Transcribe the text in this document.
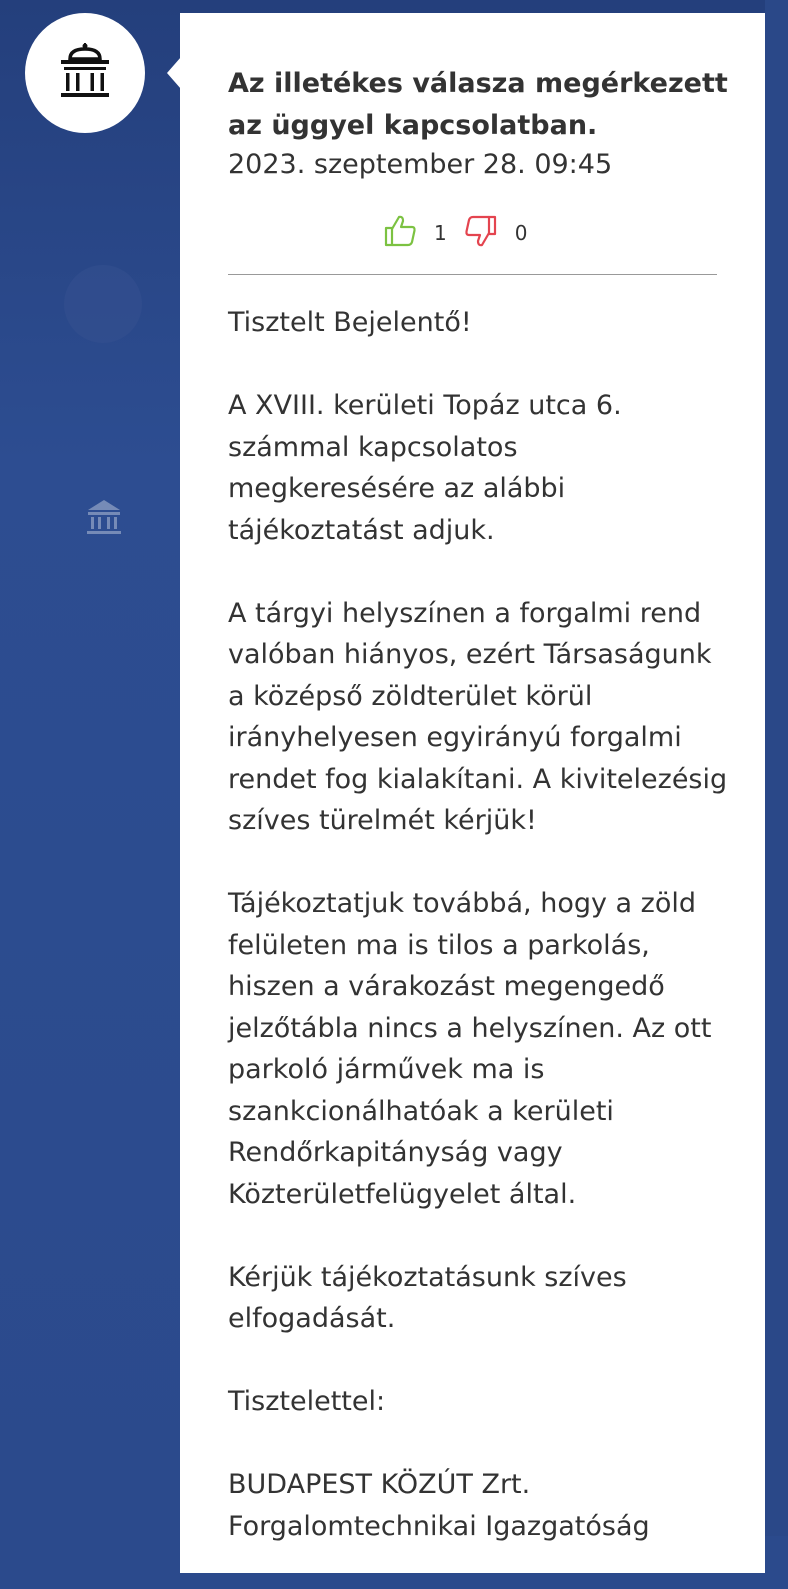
Az illetékes válasza megérkezett az üggyel kapcsolatban.
2023. szeptember 28. 09:45
1	0

Tisztelt Bejelentő!

A XVIII. kerületi Topáz utca 6. számmal kapcsolatos megkeresésére az alábbi tájékoztatást adjuk.

A tárgyi helyszínen a forgalmi rend valóban hiányos, ezért Társaságunk a középső zöldterület körül irányhelyesen egyirányú forgalmi rendet fog kialakítani. A kivitelezésig szíves türelmét kérjük!

Tájékoztatjuk továbbá, hogy a zöld felületen ma is tilos a parkolás, hiszen a várakozást megengedő jelzőtábla nincs a helyszínen. Az ott parkoló járművek ma is szankcionálhatóak a kerületi Rendőrkapitányság vagy Közterületfelügyelet által.

Kérjük tájékoztatásunk szíves elfogadását.

Tisztelettel:

BUDAPEST KÖZÚT Zrt. Forgalomtechnikai Igazgatóság
